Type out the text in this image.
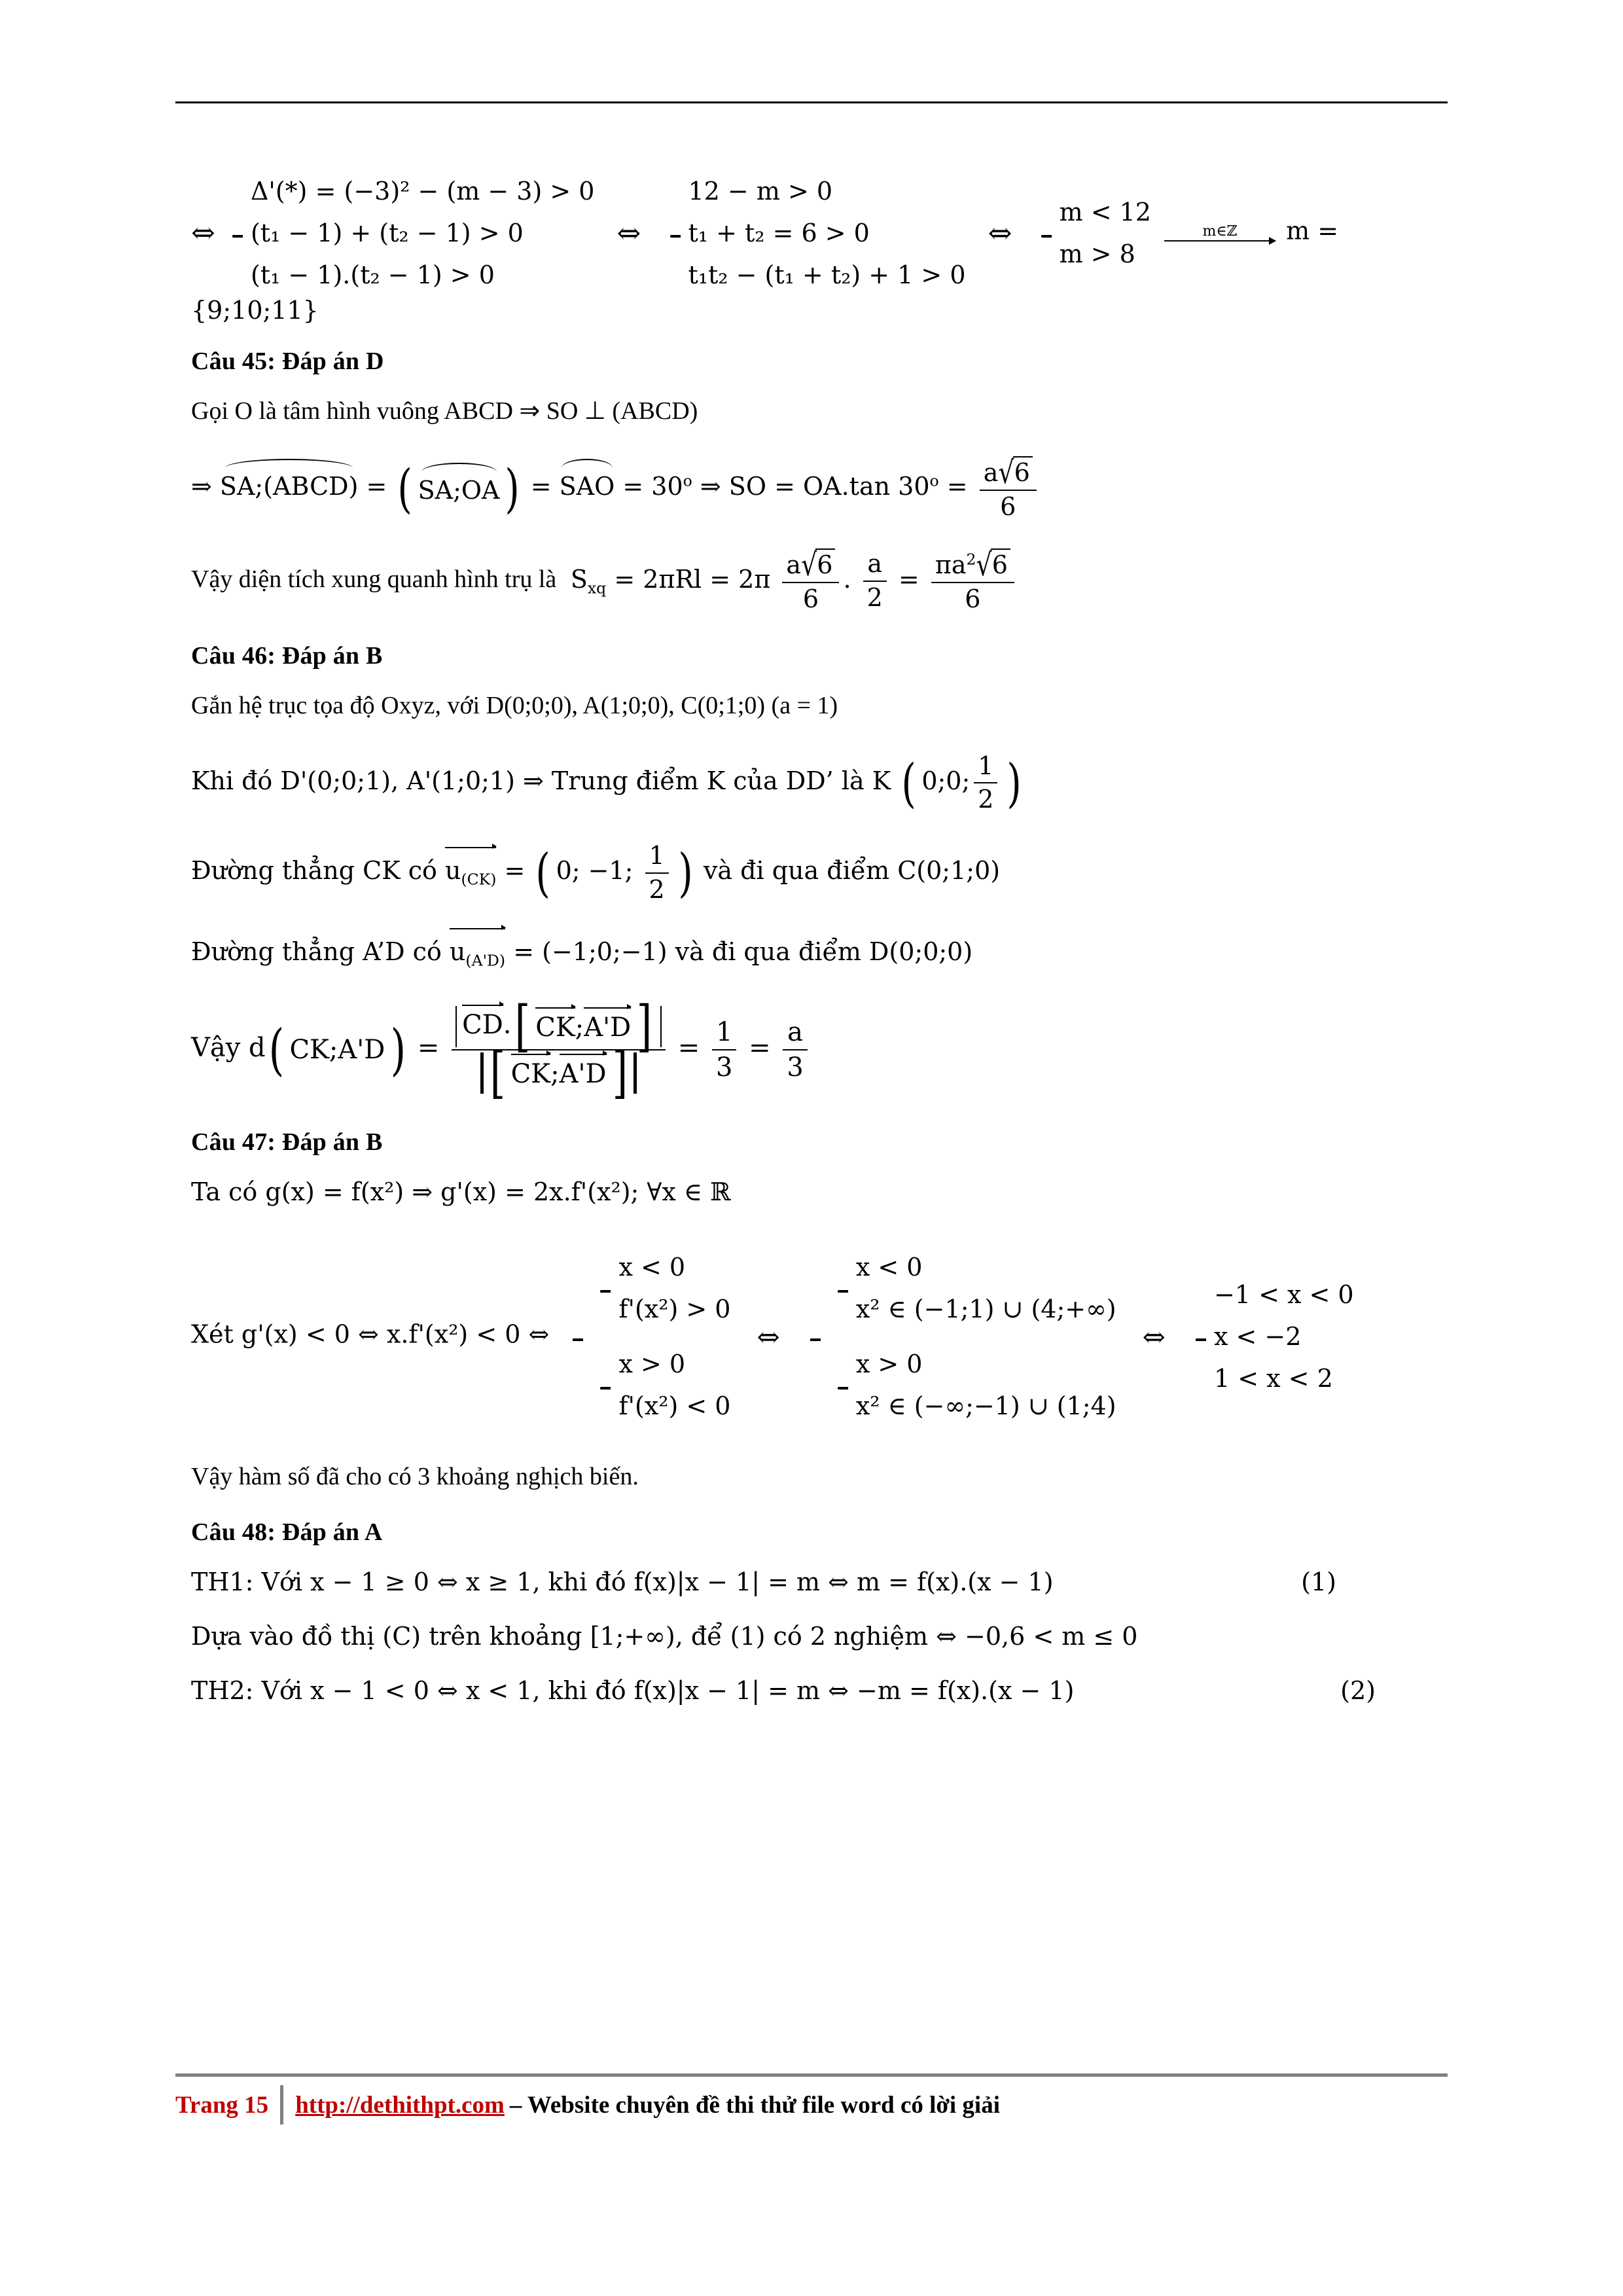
⇔
Δ'(*) = (−3)² − (m − 3) > 0
(t₁ − 1) + (t₂ − 1) > 0
(t₁ − 1).(t₂ − 1) > 0
⇔
12 − m > 0
t₁ + t₂ = 6 > 0
t₁t₂ − (t₁ + t₂) + 1 > 0
⇔
m < 12
m > 8

m∈ℤ	m = {9;10;11}
Câu 45: Đáp án D
Gọi O là tâm hình vuông ABCD ⇒ SO ⊥ (ABCD)
⇒ SA;(ABCD) = ( SA;OA ) = SAO = $30^o$ ⇒ SO = OA.tan $30^o = \frac{a√6}{6}$
Vậy diện tích xung quanh hình trụ là  $S_{xq} = 2\pi Rl = 2\pi \frac{a√6}{6}$ . $\frac{a}{2} = \frac{\pi a^2√6}{6}$
Câu 46: Đáp án B
Gắn hệ trục tọa độ Oxyz, với D(0;0;0), A(1;0;0), C(0;1;0) (a = 1)
Khi đó D'(0;0;1), A'(1;0;1) ⇒ Trung điểm K của DD’ là K ( 0;0; $\frac{1}{2}$ )
Đường thẳng CK có $u_{(CK)}$ = ( 0; −1; $\frac{1}{2}$ ) và đi qua điểm C(0;1;0)
Đường thẳng A’D có $u_{(A'D)}$ = (−1;0;−1) và đi qua điểm D(0;0;0)
Vậy d ( CK;A'D ) = $\frac{CD. [ CK;A'D ]}{[ CK;A'D ]} = \frac{1}{3} = \frac{a}{3}$
Câu 47: Đáp án B
Ta có g(x) = f(x²) ⇒ g'(x) = 2x.f'(x²); ∀x ∈ ℝ
Xét g'(x) < 0 ⇔ x.f'(x²) < 0 ⇔
x < 0
f'(x²) > 0
x > 0
f'(x²) < 0
⇔
x < 0
x² ∈ (−1;1) ∪ (4;+∞)
x > 0
x² ∈ (−∞;−1) ∪ (1;4)
⇔
−1 < x < 0
x < −2
1 < x < 2
Vậy hàm số đã cho có 3 khoảng nghịch biến.
Câu 48: Đáp án A
TH1: Với x − 1 ≥ 0 ⇔ x ≥ 1, khi đó f(x)|x − 1| = m ⇔ m = f(x).(x − 1)	(1)
Dựa vào đồ thị (C) trên khoảng [1;+∞), để (1) có 2 nghiệm ⇔ −0,6 < m ≤ 0
TH2: Với x − 1 < 0 ⇔ x < 1, khi đó f(x)|x − 1| = m ⇔ −m = f(x).(x − 1)	(2)
Trang 15	http://dethithpt.com – Website chuyên đề thi thử file word có lời giải
